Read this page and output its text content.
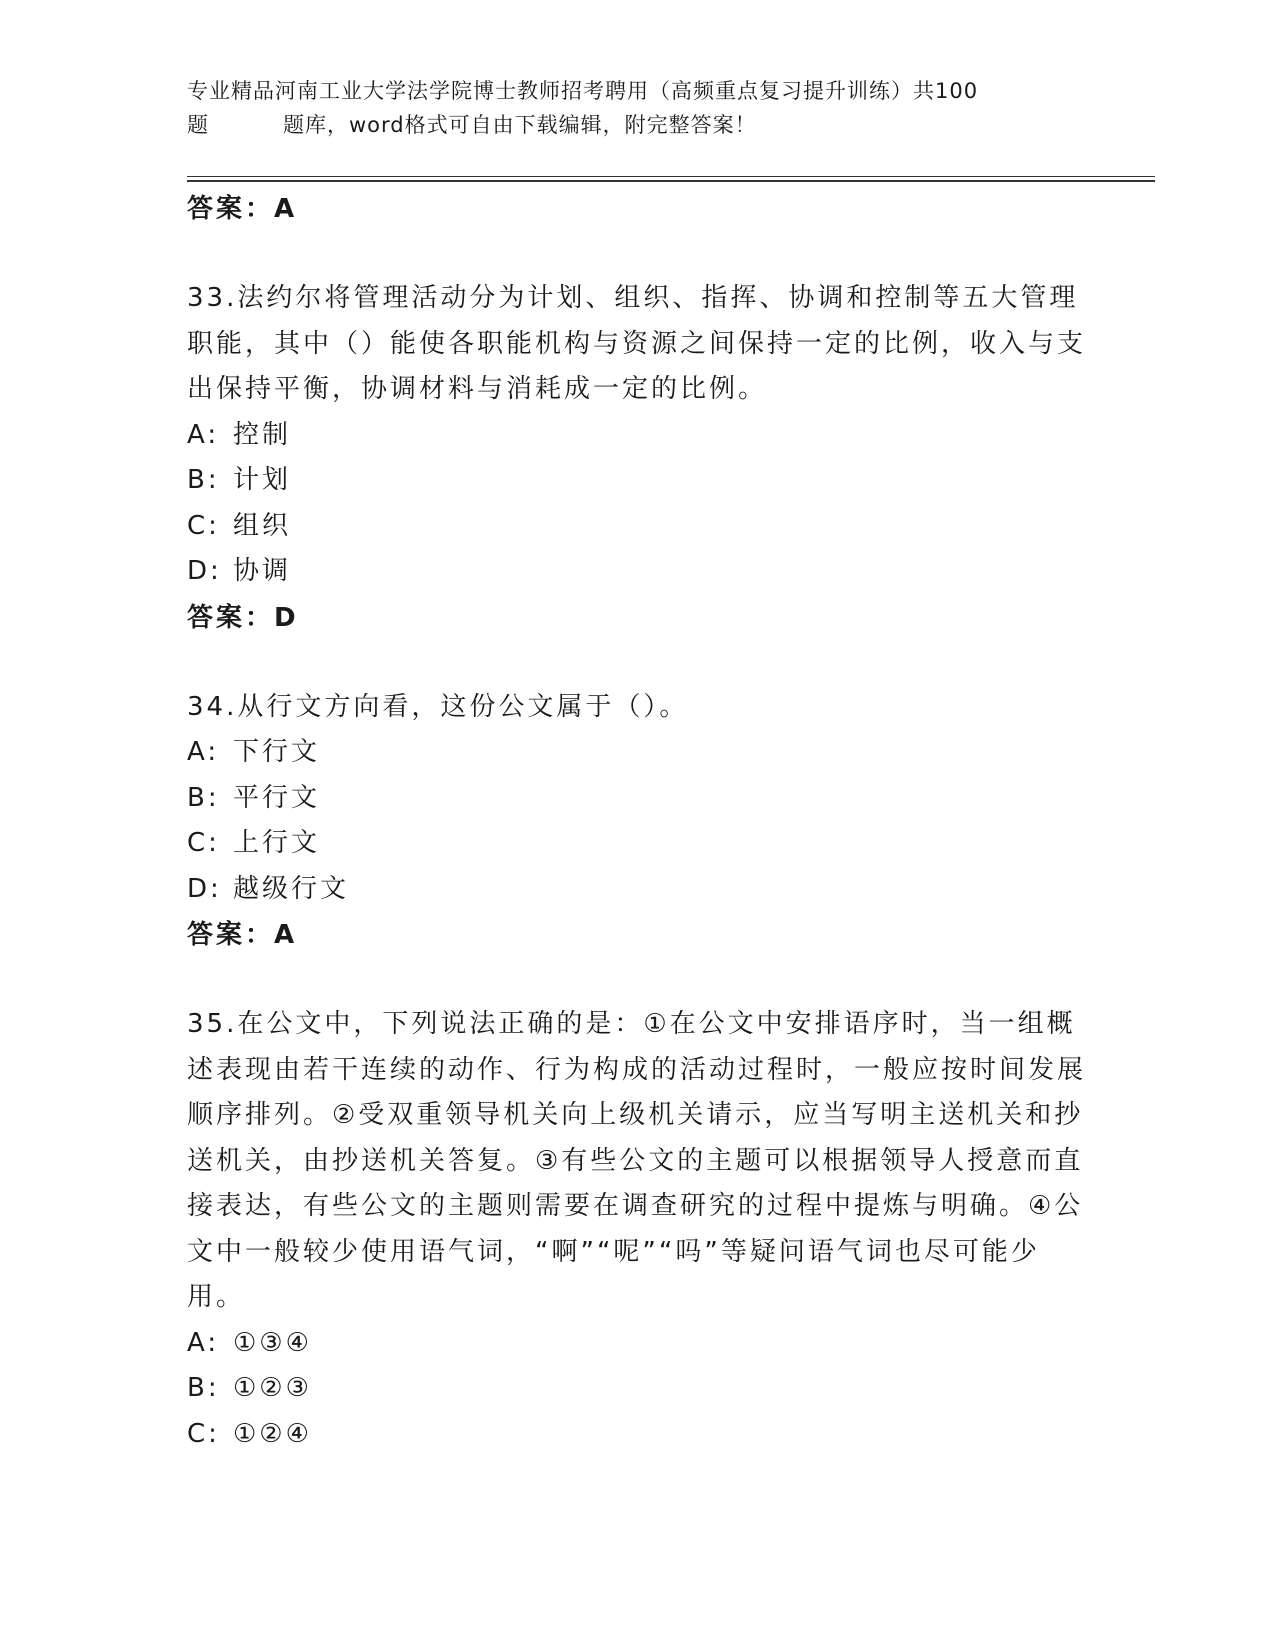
专业精品河南工业大学法学院博士教师招考聘用（高频重点复习提升训练）共100
题	题库，word格式可自由下载编辑，附完整答案！
答案：A
33.法约尔将管理活动分为计划、组织、指挥、协调和控制等五大管理职能，其中（）能使各职能机构与资源之间保持一定的比例，收入与支出保持平衡，协调材料与消耗成一定的比例。
A: 控制
B: 计划
C: 组织
D: 协调
答案：D
34.从行文方向看，这份公文属于（）。
A: 下行文
B: 平行文
C: 上行文
D: 越级行文
答案：A
35.在公文中，下列说法正确的是：①在公文中安排语序时，当一组概述表现由若干连续的动作、行为构成的活动过程时，一般应按时间发展顺序排列。②受双重领导机关向上级机关请示，应当写明主送机关和抄送机关，由抄送机关答复。③有些公文的主题可以根据领导人授意而直接表达，有些公文的主题则需要在调查研究的过程中提炼与明确。④公文中一般较少使用语气词，“啊”“呢”“吗”等疑问语气词也尽可能少用。
A: ①③④
B: ①②③
C: ①②④
